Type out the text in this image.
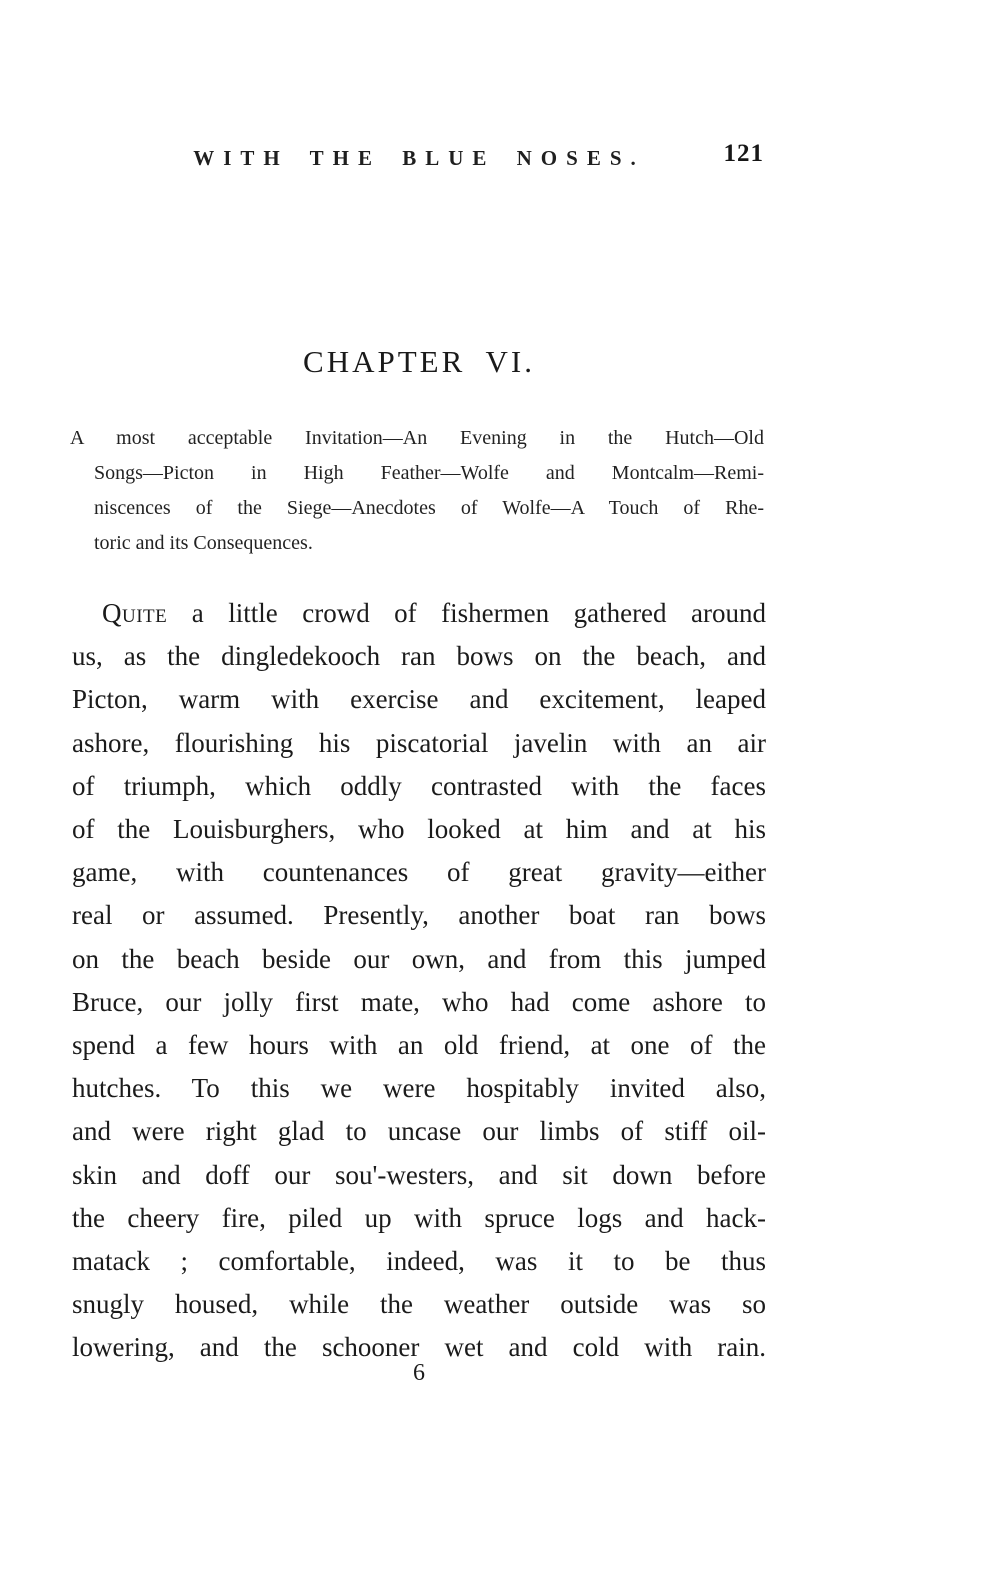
WITH THE BLUE NOSES.	121
CHAPTER VI.
A most acceptable Invitation—An Evening in the Hutch—Old
Songs—Picton in High Feather—Wolfe and Montcalm—Remi-
niscences of the Siege—Anecdotes of Wolfe—A Touch of Rhe-
toric and its Consequences.
Quite a little crowd of fishermen gathered around
us, as the dingledekooch ran bows on the beach, and
Picton, warm with exercise and excitement, leaped
ashore, flourishing his piscatorial javelin with an air
of triumph, which oddly contrasted with the faces
of the Louisburghers, who looked at him and at his
game, with countenances of great gravity—either
real or assumed. Presently, another boat ran bows
on the beach beside our own, and from this jumped
Bruce, our jolly first mate, who had come ashore to
spend a few hours with an old friend, at one of the
hutches. To this we were hospitably invited also,
and were right glad to uncase our limbs of stiff oil-
skin and doff our sou'-westers, and sit down before
the cheery fire, piled up with spruce logs and hack-
matack ; comfortable, indeed, was it to be thus
snugly housed, while the weather outside was so
lowering, and the schooner wet and cold with rain.
6
